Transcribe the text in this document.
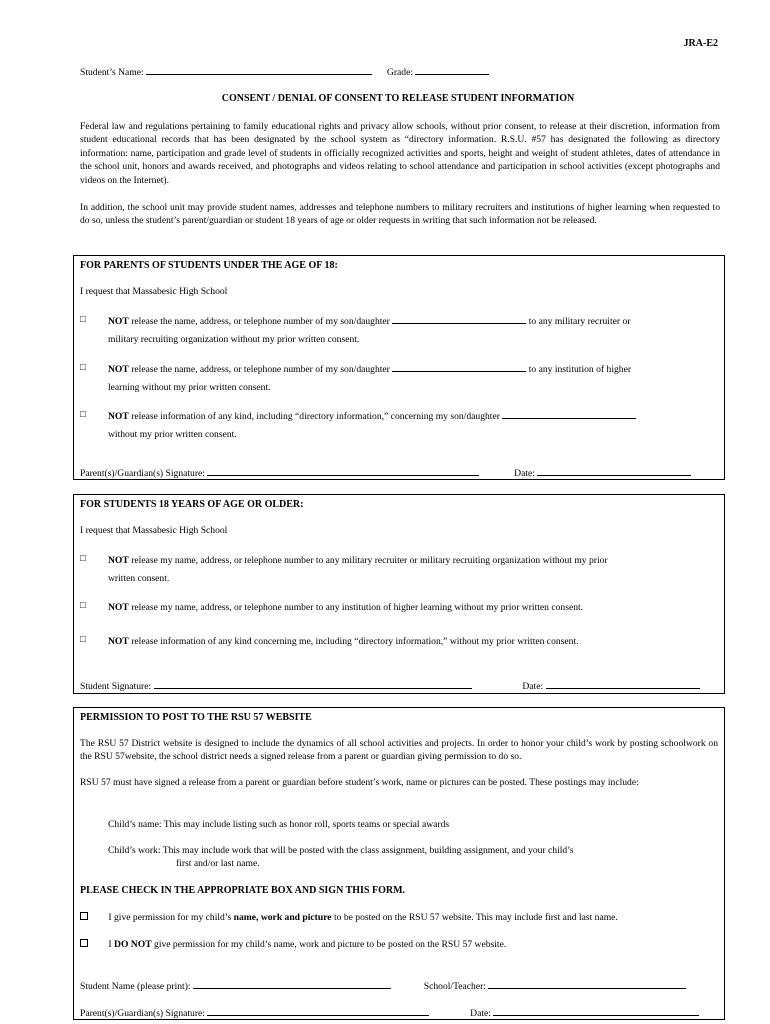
JRA-E2
Student’s Name:	Grade:
CONSENT / DENIAL OF CONSENT TO RELEASE STUDENT INFORMATION
Federal law and regulations pertaining to family educational rights and privacy allow schools, without prior consent, to release at their discretion, information from student educational records that has been designated by the school system as “directory information. R.S.U. #57 has designated the following as directory information: name, participation and grade level of students in officially recognized activities and sports, height and weight of student athletes, dates of attendance in the school unit, honors and awards received, and photographs and videos relating to school attendance and participation in school activities (except photographs and videos on the Internet).
In addition, the school unit may provide student names, addresses and telephone numbers to military recruiters and institutions of higher learning when requested to do so, unless the student’s parent/guardian or student 18 years of age or older requests in writing that such information not be released.
FOR PARENTS OF STUDENTS UNDER THE AGE OF 18:
I request that Massabesic High School
□	NOT release the name, address, or telephone number of my son/daughter	to any military recruiter or
military recruiting organization without my prior written consent.
□	NOT release the name, address, or telephone number of my son/daughter	to any institution of higher
learning without my prior written consent.
□	NOT release information of any kind, including “directory information,” concerning my son/daughter
without my prior written consent.
Parent(s)/Guardian(s) Signature:	Date:
FOR STUDENTS 18 YEARS OF AGE OR OLDER:
I request that Massabesic High School
□	NOT release my name, address, or telephone number to any military recruiter or military recruiting organization without my prior
written consent.
□	NOT release my name, address, or telephone number to any institution of higher learning without my prior written consent.
□	NOT release information of any kind concerning me, including “directory information,” without my prior written consent.
Student Signature:	Date:
PERMISSION TO POST TO THE RSU 57 WEBSITE
The RSU 57 District website is designed to include the dynamics of all school activities and projects. In order to honor your child’s work by posting schoolwork on the RSU 57website, the school district needs a signed release from a parent or guardian giving permission to do so.
RSU 57 must have signed a release from a parent or guardian before student’s work, name or pictures can be posted. These postings may include:
Child’s name: This may include listing such as honor roll, sports teams or special awards
Child’s work: This may include work that will be posted with the class assignment, building assignment, and your child’s
first and/or last name.
PLEASE CHECK IN THE APPROPRIATE BOX AND SIGN THIS FORM.
I give permission for my child’s name, work and picture to be posted on the RSU 57 website. This may include first and last name.
I DO NOT give permission for my child’s name, work and picture to be posted on the RSU 57 website.
Student Name (please print):	School/Teacher:
Parent(s)/Guardian(s) Signature:	Date:
